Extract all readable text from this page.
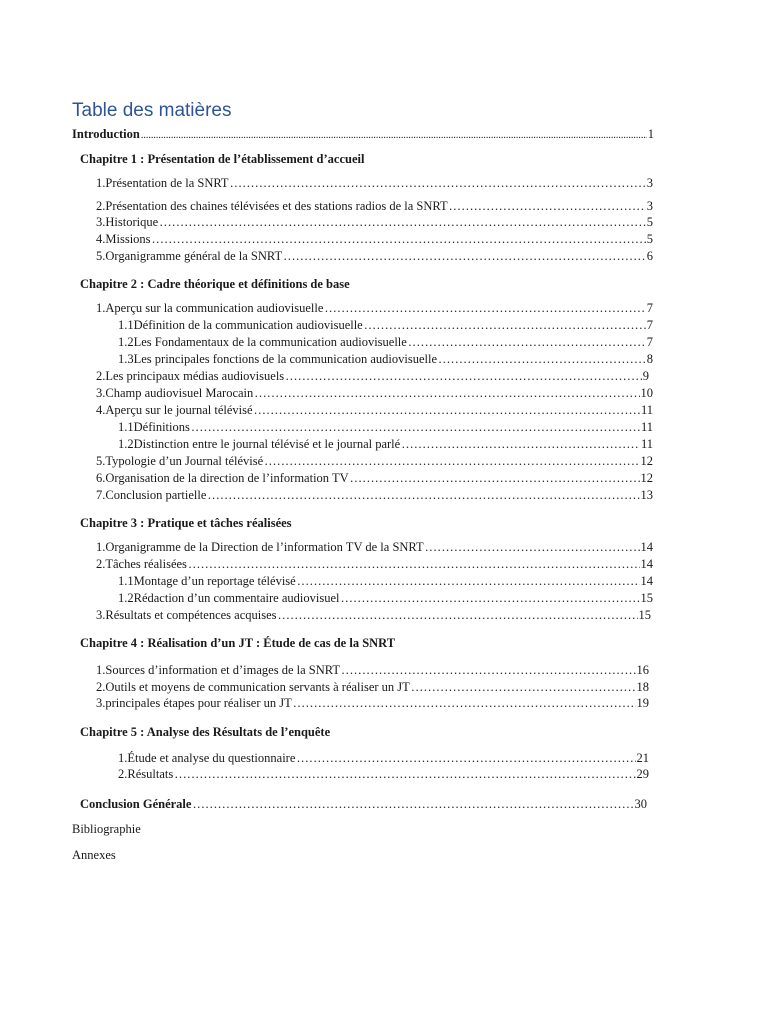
Table des matières
Introduction .....	1
Chapitre 1 : Présentation de l’établissement d’accueil
1. Présentation de la SNRT …………………………………………………………………………………………………………………………………………………………………………………………………………………………………………………………………	3
2. Présentation des chaines télévisées et des stations radios de la SNRT …………………………………………………………………………………………………………………………………………………………………………………………………………………………………………………………………	3
3. Historique …………………………………………………………………………………………………………………………………………………………………………………………………………………………………………………………………	5
4. Missions …………………………………………………………………………………………………………………………………………………………………………………………………………………………………………………………………	5
5. Organigramme général de la SNRT …………………………………………………………………………………………………………………………………………………………………………………………………………………………………………………………………	6
Chapitre 2 : Cadre théorique et définitions de base
1. Aperçu sur la communication audiovisuelle …………………………………………………………………………………………………………………………………………………………………………………………………………………………………………………………………	7
1.1 Définition de la communication audiovisuelle …………………………………………………………………………………………………………………………………………………………………………………………………………………………………………………………………	7
1.2 Les Fondamentaux de la communication audiovisuelle …………………………………………………………………………………………………………………………………………………………………………………………………………………………………………………………………	7
1.3 Les principales fonctions de la communication audiovisuelle …………………………………………………………………………………………………………………………………………………………………………………………………………………………………………………………………	8
2. Les principaux médias audiovisuels …………………………………………………………………………………………………………………………………………………………………………………………………………………………………………………………………	9
3. Champ audiovisuel Marocain …………………………………………………………………………………………………………………………………………………………………………………………………………………………………………………………………	10
4. Aperçu sur le journal télévisé …………………………………………………………………………………………………………………………………………………………………………………………………………………………………………………………………	11
1.1 Définitions …………………………………………………………………………………………………………………………………………………………………………………………………………………………………………………………………	11
1.2 Distinction entre le journal télévisé et le journal parlé …………………………………………………………………………………………………………………………………………………………………………………………………………………………………………………………………	11
5. Typologie d’un Journal télévisé …………………………………………………………………………………………………………………………………………………………………………………………………………………………………………………………………	12
6. Organisation de la direction de l’information TV …………………………………………………………………………………………………………………………………………………………………………………………………………………………………………………………………	12
7. Conclusion partielle …………………………………………………………………………………………………………………………………………………………………………………………………………………………………………………………………	13
Chapitre 3 : Pratique et tâches réalisées
1. Organigramme de la Direction de l’information TV de la SNRT …………………………………………………………………………………………………………………………………………………………………………………………………………………………………………………………………	14
2. Tâches réalisées …………………………………………………………………………………………………………………………………………………………………………………………………………………………………………………………………	14
1.1 Montage d’un reportage télévisé …………………………………………………………………………………………………………………………………………………………………………………………………………………………………………………………………	14
1.2 Rédaction d’un commentaire audiovisuel …………………………………………………………………………………………………………………………………………………………………………………………………………………………………………………………………	15
3. Résultats et compétences acquises …………………………………………………………………………………………………………………………………………………………………………………………………………………………………………………………………	15
Chapitre 4 : Réalisation d’un JT : Étude de cas de la SNRT
1. Sources d’information et d’images de la SNRT …………………………………………………………………………………………………………………………………………………………………………………………………………………………………………………………………	16
2. Outils et moyens de communication servants à réaliser un JT …………………………………………………………………………………………………………………………………………………………………………………………………………………………………………………………………	18
3. principales étapes pour réaliser un JT …………………………………………………………………………………………………………………………………………………………………………………………………………………………………………………………………	19
Chapitre 5 : Analyse des Résultats de l’enquête
1. Étude et analyse du questionnaire …………………………………………………………………………………………………………………………………………………………………………………………………………………………………………………………………	21
2. Résultats …………………………………………………………………………………………………………………………………………………………………………………………………………………………………………………………………	29
Conclusion Générale …………………………………………………………………………………………………………………………………………………………………………………………………………………………………………………………………	30
Bibliographie
Annexes
